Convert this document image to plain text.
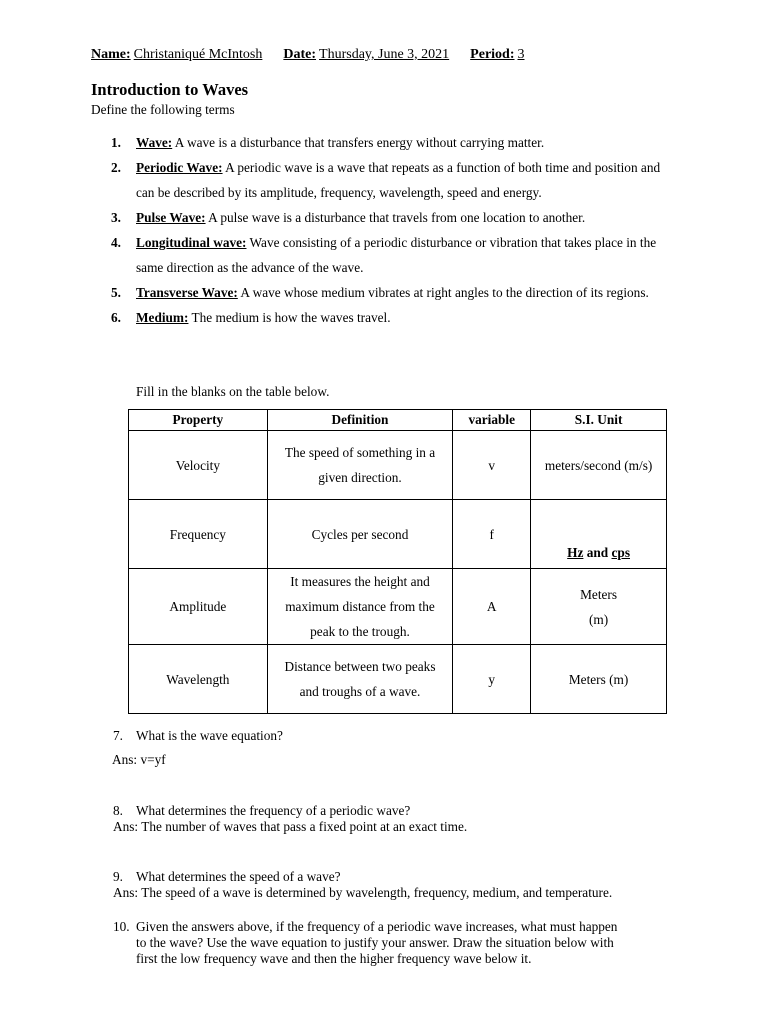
Name: Christaniqué McIntosh Date: Thursday, June 3, 2021 Period: 3
Introduction to Waves
Define the following terms
1. Wave: A wave is a disturbance that transfers energy without carrying matter.
2. Periodic Wave: A periodic wave is a wave that repeats as a function of both time and position and can be described by its amplitude, frequency, wavelength, speed and energy.
3. Pulse Wave: A pulse wave is a disturbance that travels from one location to another.
4. Longitudinal wave: Wave consisting of a periodic disturbance or vibration that takes place in the same direction as the advance of the wave.
5. Transverse Wave: A wave whose medium vibrates at right angles to the direction of its regions.
6. Medium: The medium is how the waves travel.
Fill in the blanks on the table below.
Property	Definition	variable	S.I. Unit
Velocity	The speed of something in a given direction.	v	meters/second (m/s)
Frequency	Cycles per second	f	Hz and cps

Amplitude	It measures the height and maximum distance from the peak to the trough.	A	Meters
(m)

Wavelength	Distance between two peaks and troughs of a wave.	y	Meters (m)
7. What is the wave equation?
Ans: v=yf
8. What determines the frequency of a periodic wave?
Ans: The number of waves that pass a fixed point at an exact time.
9. What determines the speed of a wave?
Ans: The speed of a wave is determined by wavelength, frequency, medium, and temperature.
10. Given the answers above, if the frequency of a periodic wave increases, what must happen
to the wave? Use the wave equation to justify your answer. Draw the situation below with
first the low frequency wave and then the higher frequency wave below it.
